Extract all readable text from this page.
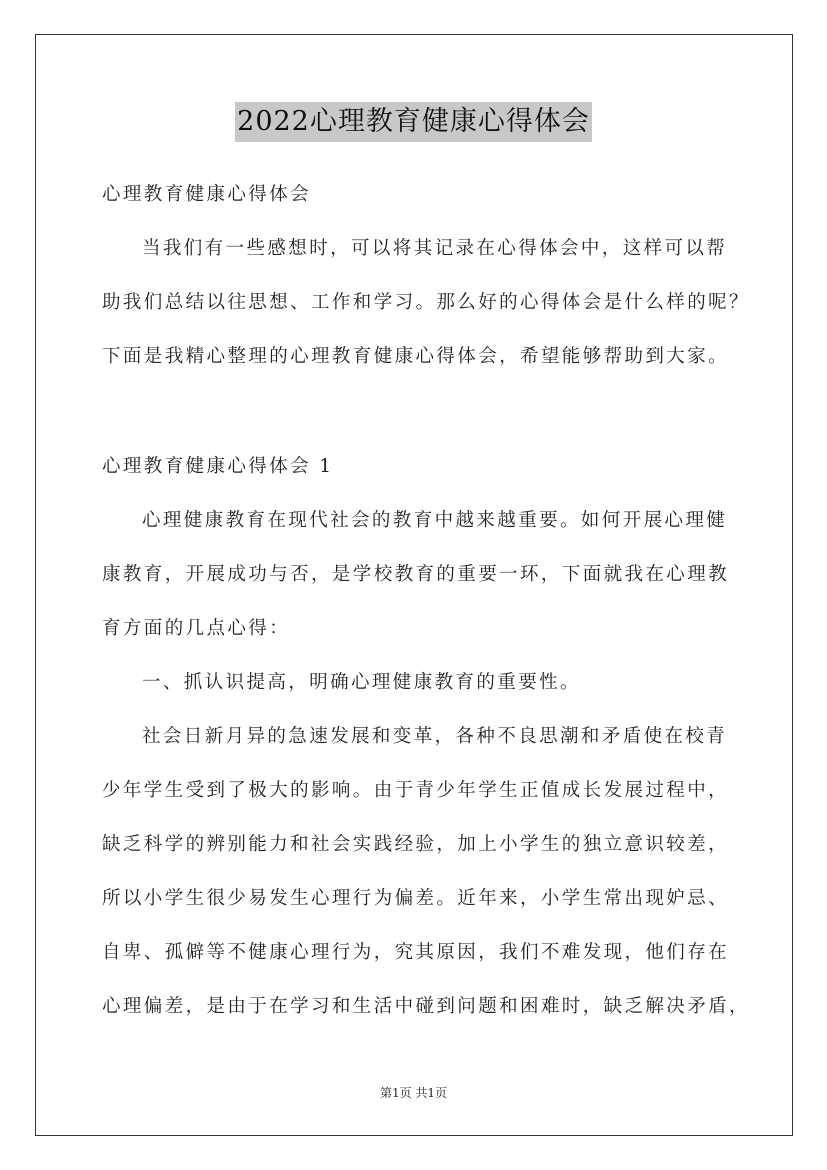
2022心理教育健康心得体会
心理教育健康心得体会
当我们有一些感想时，可以将其记录在心得体会中，这样可以帮
助我们总结以往思想、工作和学习。那么好的心得体会是什么样的呢？
下面是我精心整理的心理教育健康心得体会，希望能够帮助到大家。
心理教育健康心得体会 1
心理健康教育在现代社会的教育中越来越重要。如何开展心理健
康教育，开展成功与否，是学校教育的重要一环，下面就我在心理教
育方面的几点心得：
一、抓认识提高，明确心理健康教育的重要性。
社会日新月异的急速发展和变革，各种不良思潮和矛盾使在校青
少年学生受到了极大的影响。由于青少年学生正值成长发展过程中，
缺乏科学的辨别能力和社会实践经验，加上小学生的独立意识较差，
所以小学生很少易发生心理行为偏差。近年来，小学生常出现妒忌、
自卑、孤僻等不健康心理行为，究其原因，我们不难发现，他们存在
心理偏差，是由于在学习和生活中碰到问题和困难时，缺乏解决矛盾，
第1页 共1页
